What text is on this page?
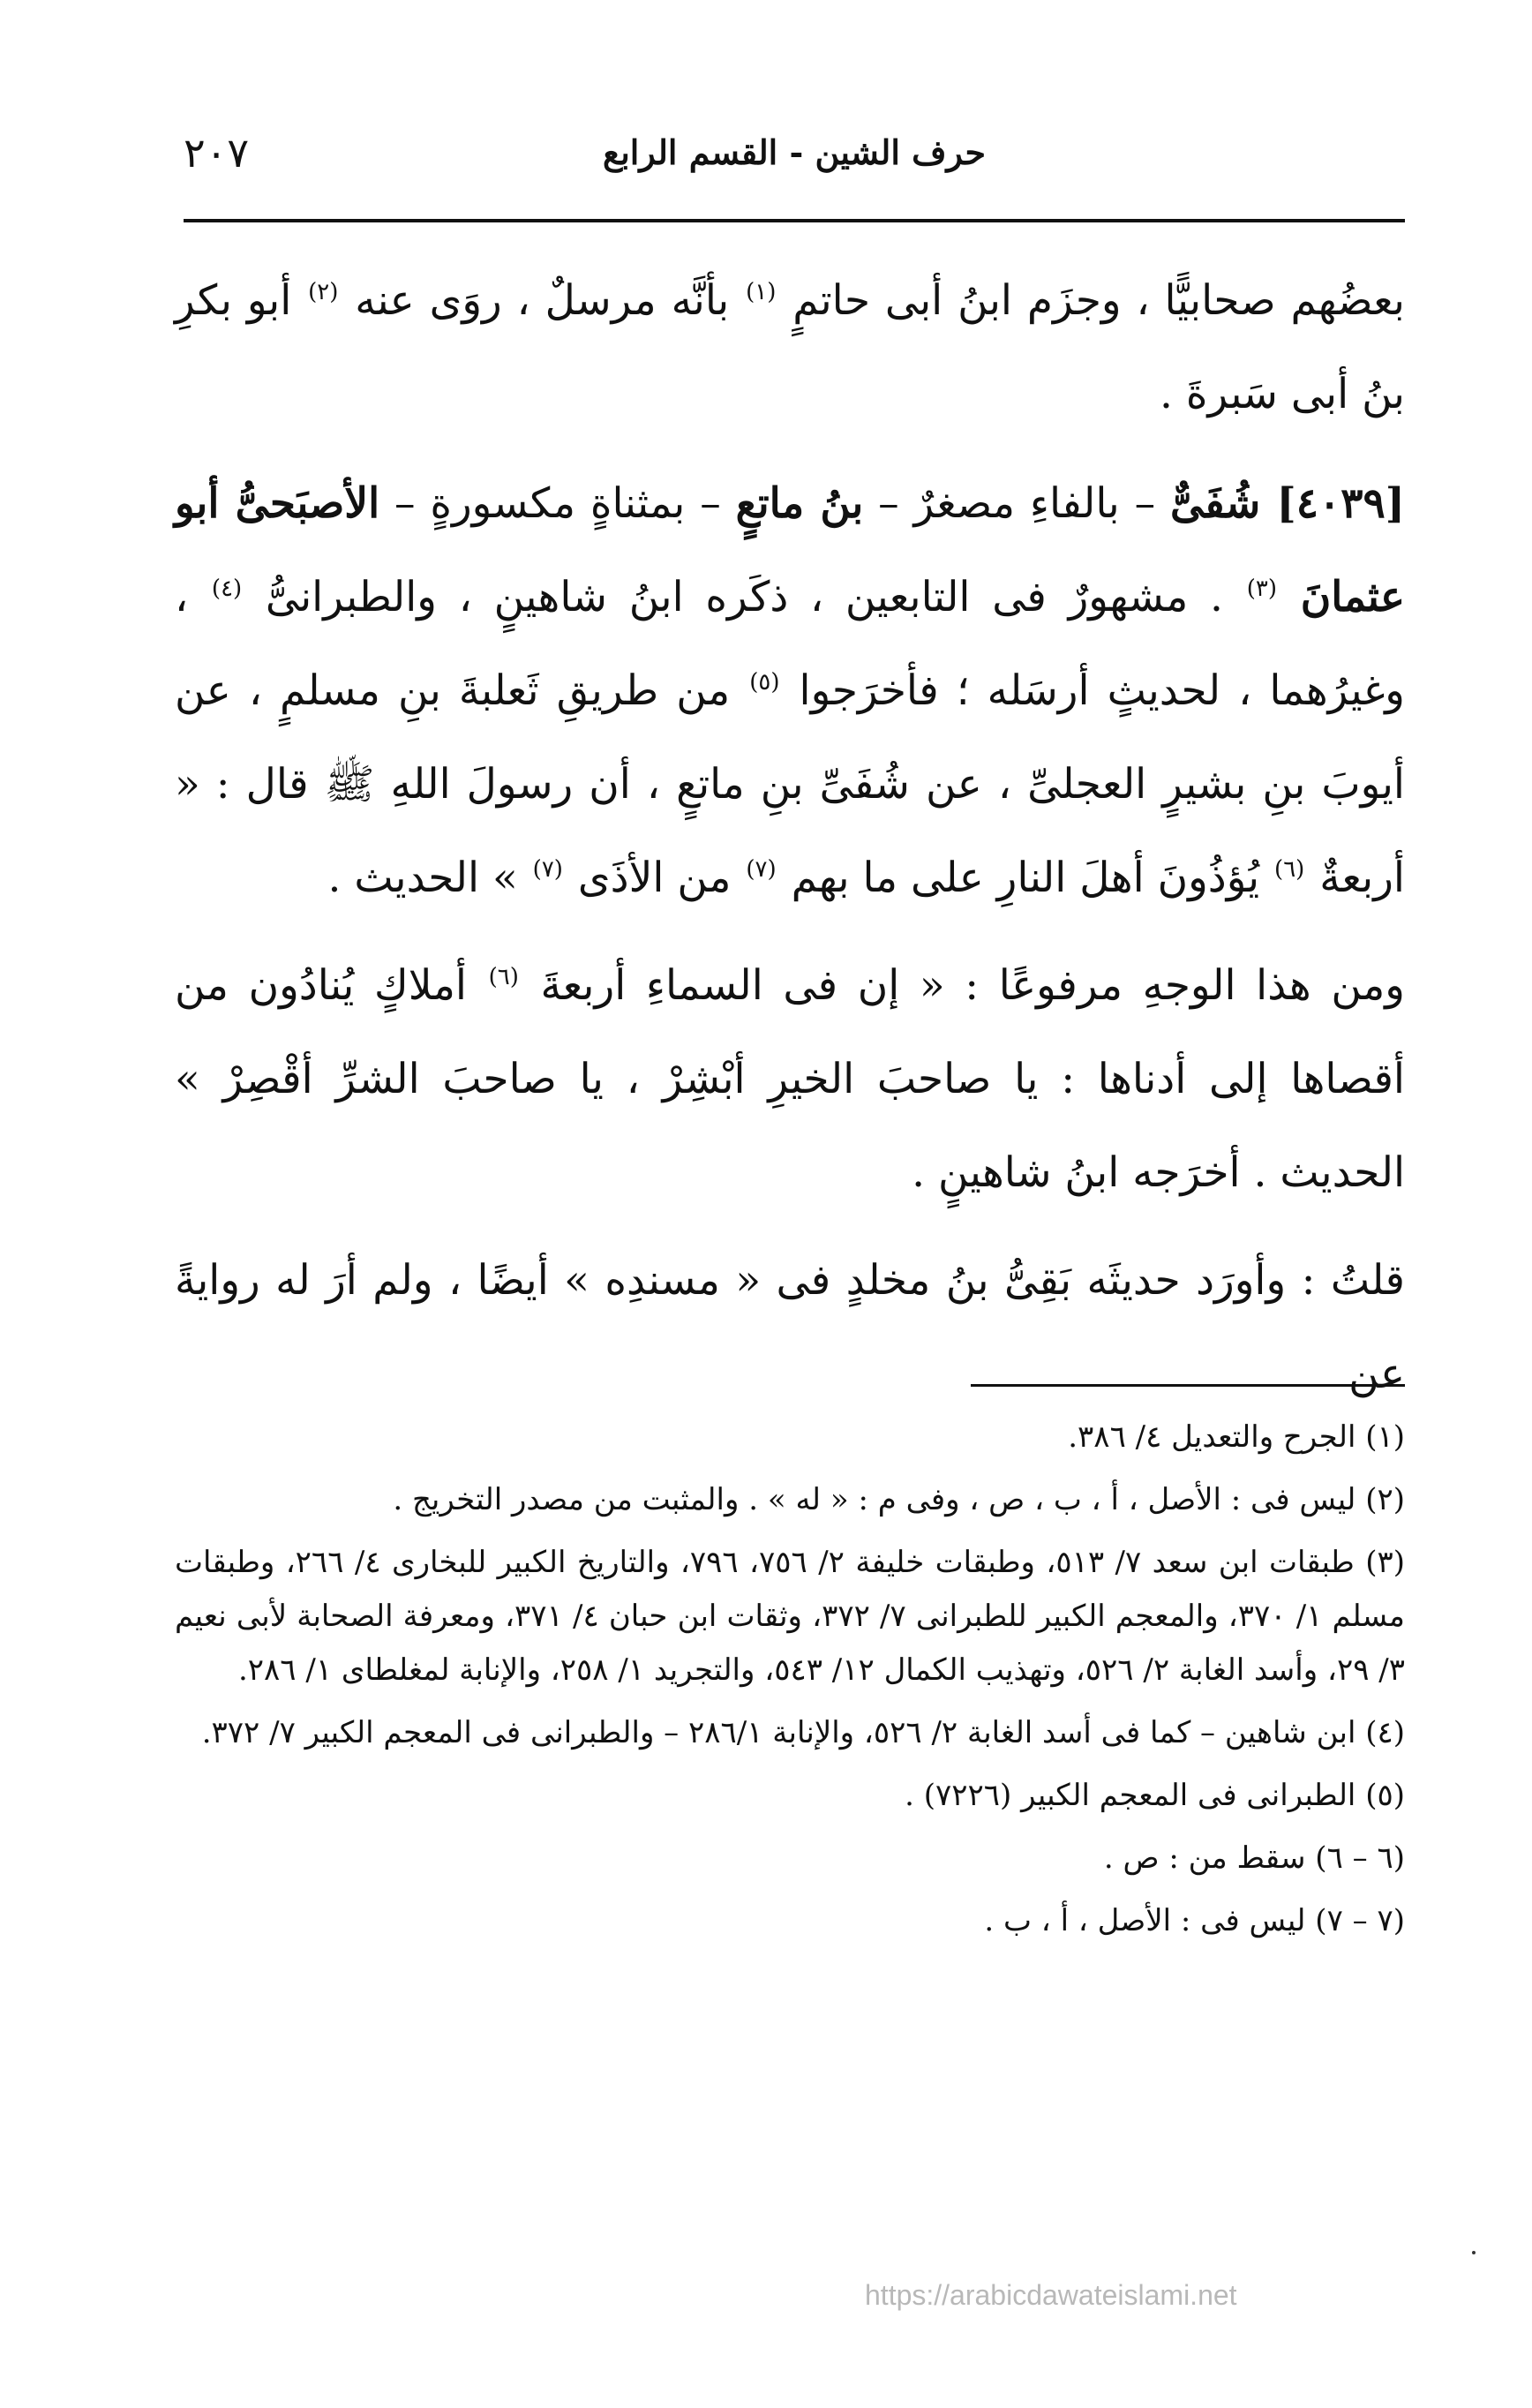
حرف الشين - القسم الرابع
٢٠٧

بعضُهم صحابيًّا ، وجزَم ابنُ أبى حاتمٍ $^{(١)}$ بأنَّه مرسلٌ ، روَى عنه $^{(٢)}$ أبو بكرِ بنُ أبى سَبرةَ .

[٤٠٣٩] شُفَىٌّ – بالفاءِ مصغرٌ – بنُ ماتعٍ – بمثناةٍ مكسورةٍ – الأصبَحىُّ أبو عثمانَ $^{(٣)}$ . مشهورٌ فى التابعين ، ذكَره ابنُ شاهينٍ ، والطبرانىُّ $^{(٤)}$ ، وغيرُهما ، لحديثٍ أرسَله ؛ فأخرَجوا $^{(٥)}$ من طريقِ ثَعلبةَ بنِ مسلمٍ ، عن أيوبَ بنِ بشيرٍ العجلىِّ ، عن شُفَىِّ بنِ ماتعٍ ، أن رسولَ اللهِ ﷺ قال : « أربعةٌ $^{(٦)}$ يُؤذُونَ أهلَ النارِ على ما بهم $^{(٧)}$ من الأذَى $^{(٧)}$ » الحديث .

ومن هذا الوجهِ مرفوعًا : « إن فى السماءِ أربعةَ $^{(٦)}$ أملاكٍ يُنادُون من أقصاها إلى أدناها : يا صاحبَ الخيرِ أبْشِرْ ، يا صاحبَ الشرِّ أقْصِرْ » الحديث . أخرَجه ابنُ شاهينٍ .

قلتُ : وأورَد حديثَه بَقِىُّ بنُ مخلدٍ فى « مسندِه » أيضًا ، ولم أرَ له روايةً عن

(١) الجرح والتعديل ٤/ ٣٨٦.
(٢) ليس فى : الأصل ، أ ، ب ، ص ، وفى م : « له » . والمثبت من مصدر التخريج .
(٣) طبقات ابن سعد ٧/ ٥١٣، وطبقات خليفة ٢/ ٧٥٦، ٧٩٦، والتاريخ الكبير للبخارى ٤/ ٢٦٦، وطبقات مسلم ١/ ٣٧٠، والمعجم الكبير للطبرانى ٧/ ٣٧٢، وثقات ابن حبان ٤/ ٣٧١، ومعرفة الصحابة لأبى نعيم ٣/ ٢٩، وأسد الغابة ٢/ ٥٢٦، وتهذيب الكمال ١٢/ ٥٤٣، والتجريد ١/ ٢٥٨، والإنابة لمغلطاى ١/ ٢٨٦.
(٤) ابن شاهين – كما فى أسد الغابة ٢/ ٥٢٦، والإنابة ٢٨٦/١ – والطبرانى فى المعجم الكبير ٧/ ٣٧٢.
(٥) الطبرانى فى المعجم الكبير (٧٢٢٦) .
(٦ – ٦) سقط من : ص .
(٧ – ٧) ليس فى : الأصل ، أ ، ب .
https://arabicdawateislami.net
